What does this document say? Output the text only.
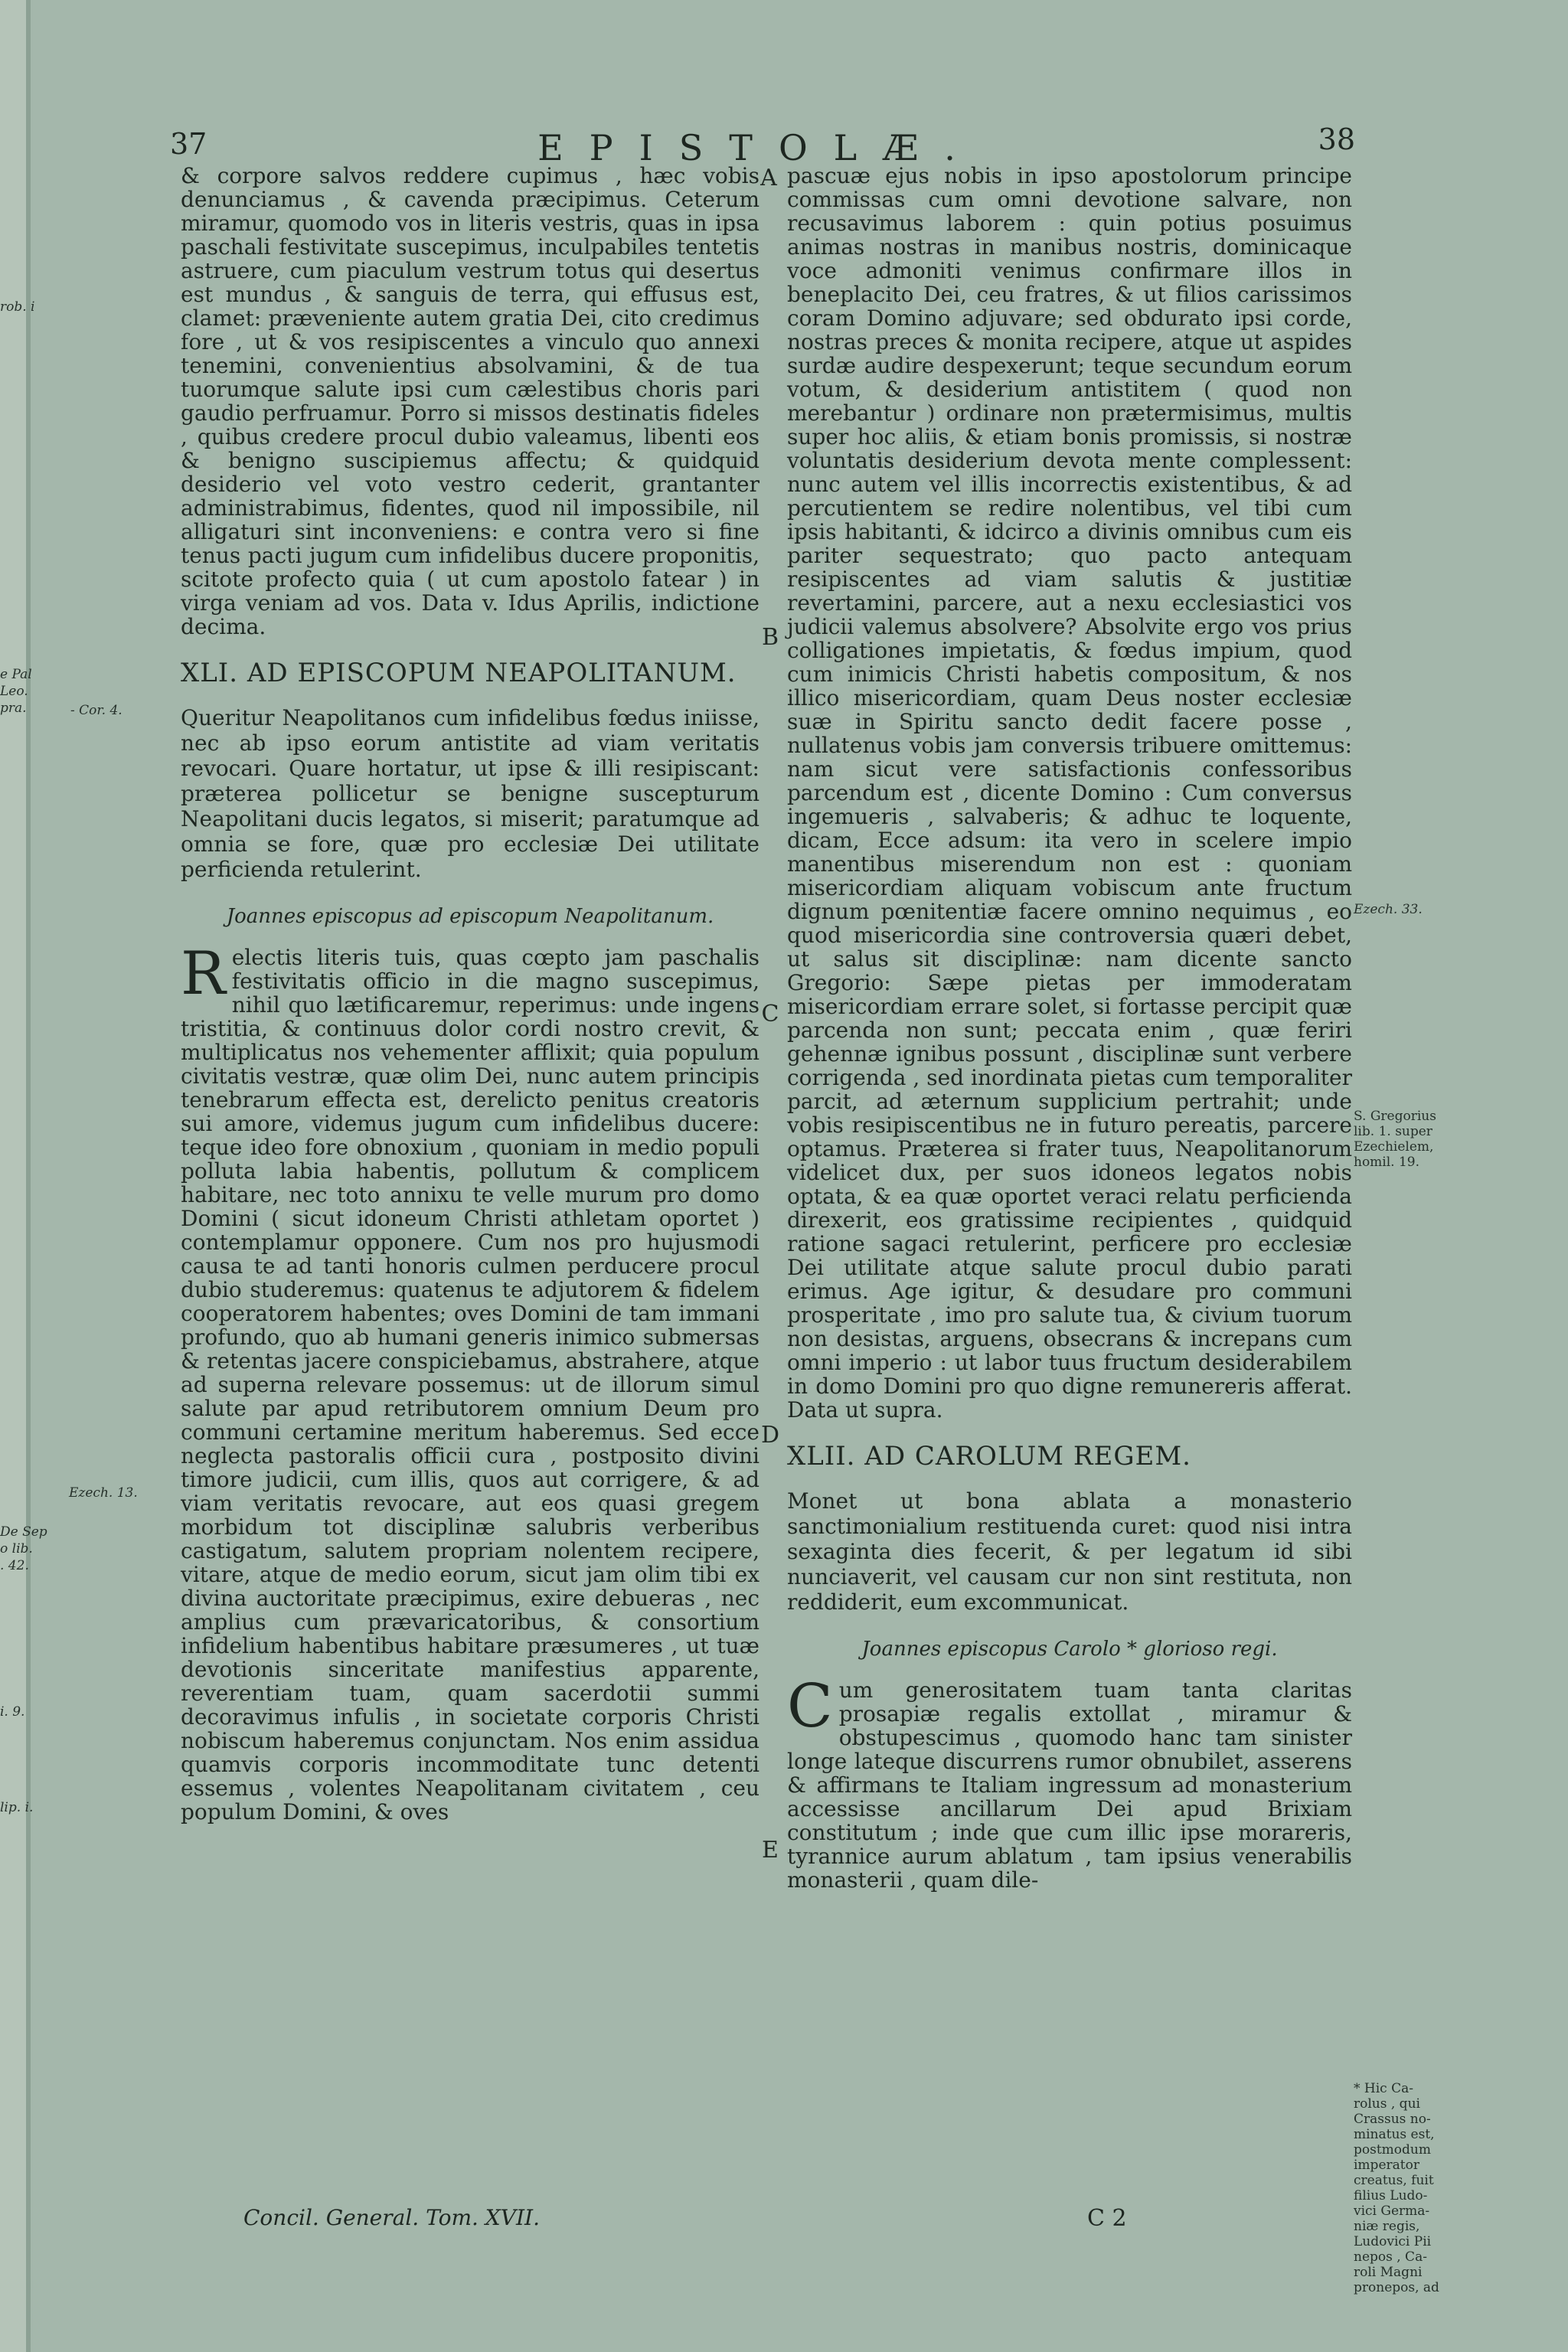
rob. i
e Pal
Leo.
pra.
De Sep
o lib.
. 42.
i. 9.
lip. i.
37	EPISTOLÆ.	38

& corpore salvos reddere cupimus , hæc vobis denunciamus , & cavenda præcipimus. Ceterum miramur, quomodo vos in literis vestris, quas in ipsa paschali festivitate suscepimus, inculpabiles tentetis astruere, cum piaculum vestrum totus qui desertus est mundus , & sanguis de terra, qui effusus est, clamet: præveniente autem gratia Dei, cito credimus fore , ut & vos resipiscentes a vinculo quo annexi tenemini, convenientius absolvamini, & de tua tuorumque salute ipsi cum cælestibus choris pari gaudio perfruamur. Porro si missos destinatis fideles , quibus credere procul dubio valeamus, libenti eos & benigno suscipiemus affectu; & quidquid desiderio vel voto vestro cederit, grantanter administrabimus, fidentes, quod nil impossibile, nil alligaturi sint inconveniens: e contra vero si fine tenus pacti jugum cum infidelibus ducere proponitis, scitote profecto quia ( ut cum apostolo fatear ) in virga veniam ad vos. Data v. Idus Aprilis, indictione decima.

XLI. AD EPISCOPUM NEAPOLITANUM.

Queritur Neapolitanos cum infidelibus fœdus iniisse, nec ab ipso eorum antistite ad viam veritatis revocari. Quare hortatur, ut ipse & illi resipiscant: præterea pollicetur se benigne suscepturum Neapolitani ducis legatos, si miserit; paratumque ad omnia se fore, quæ pro ecclesiæ Dei utilitate perficienda retulerint.

Joannes episcopus ad episcopum Neapolitanum.

Relectis literis tuis, quas cœpto jam paschalis festivitatis officio in die magno suscepimus, nihil quo lætificaremur, reperimus: unde ingens tristitia, & continuus dolor cordi nostro crevit, & multiplicatus nos vehementer afflixit; quia populum civitatis vestræ, quæ olim Dei, nunc autem principis tenebrarum effecta est, derelicto penitus creatoris sui amore, videmus jugum cum infidelibus ducere: teque ideo fore obnoxium , quoniam in medio populi polluta labia habentis, pollutum & complicem habitare, nec toto annixu te velle murum pro domo Domini ( sicut idoneum Christi athletam oportet ) contemplamur opponere. Cum nos pro hujusmodi causa te ad tanti honoris culmen perducere procul dubio studeremus: quatenus te adjutorem & fidelem cooperatorem habentes; oves Domini de tam immani profundo, quo ab humani generis inimico submersas & retentas jacere conspiciebamus, abstrahere, atque ad superna relevare possemus: ut de illorum simul salute par apud retributorem omnium Deum pro communi certamine meritum haberemus. Sed ecce neglecta pastoralis officii cura , postposito divini timore judicii, cum illis, quos aut corrigere, & ad viam veritatis revocare, aut eos quasi gregem morbidum tot disciplinæ salubris verberibus castigatum, salutem propriam nolentem recipere, vitare, atque de medio eorum, sicut jam olim tibi ex divina auctoritate præcipimus, exire debueras , nec amplius cum prævaricatoribus, & consortium infidelium habentibus habitare præsumeres , ut tuæ devotionis sinceritate manifestius apparente, reverentiam tuam, quam sacerdotii summi decoravimus infulis , in societate corporis Christi nobiscum haberemus conjunctam. Nos enim assidua quamvis corporis incommoditate tunc detenti essemus , volentes Neapolitanam civitatem , ceu populum Domini, & oves

pascuæ ejus nobis in ipso apostolorum principe commissas cum omni devotione salvare, non recusavimus laborem : quin potius posuimus animas nostras in manibus nostris, dominicaque voce admoniti venimus confirmare illos in beneplacito Dei, ceu fratres, & ut filios carissimos coram Domino adjuvare; sed obdurato ipsi corde, nostras preces & monita recipere, atque ut aspides surdæ audire despexerunt; teque secundum eorum votum, & desiderium antistitem ( quod non merebantur ) ordinare non prætermisimus, multis super hoc aliis, & etiam bonis promissis, si nostræ voluntatis desiderium devota mente complessent: nunc autem vel illis incorrectis existentibus, & ad percutientem se redire nolentibus, vel tibi cum ipsis habitanti, & idcirco a divinis omnibus cum eis pariter sequestrato; quo pacto antequam resipiscentes ad viam salutis & justitiæ revertamini, parcere, aut a nexu ecclesiastici vos judicii valemus absolvere? Absolvite ergo vos prius colligationes impietatis, & fœdus impium, quod cum inimicis Christi habetis compositum, & nos illico misericordiam, quam Deus noster ecclesiæ suæ in Spiritu sancto dedit facere posse , nullatenus vobis jam conversis tribuere omittemus: nam sicut vere satisfactionis confessoribus parcendum est , dicente Domino : Cum conversus ingemueris , salvaberis; & adhuc te loquente, dicam, Ecce adsum: ita vero in scelere impio manentibus miserendum non est : quoniam misericordiam aliquam vobiscum ante fructum dignum pœnitentiæ facere omnino nequimus , eo quod misericordia sine controversia quæri debet, ut salus sit disciplinæ: nam dicente sancto Gregorio: Sæpe pietas per immoderatam misericordiam errare solet, si fortasse percipit quæ parcenda non sunt; peccata enim , quæ feriri gehennæ ignibus possunt , disciplinæ sunt verbere corrigenda , sed inordinata pietas cum temporaliter parcit, ad æternum supplicium pertrahit; unde vobis resipiscentibus ne in futuro pereatis, parcere optamus. Præterea si frater tuus, Neapolitanorum videlicet dux, per suos idoneos legatos nobis optata, & ea quæ oportet veraci relatu perficienda direxerit, eos gratissime recipientes , quidquid ratione sagaci retulerint, perficere pro ecclesiæ Dei utilitate atque salute procul dubio parati erimus. Age igitur, & desudare pro communi prosperitate , imo pro salute tua, & civium tuorum non desistas, arguens, obsecrans & increpans cum omni imperio : ut labor tuus fructum desiderabilem in domo Domini pro quo digne remunereris afferat. Data ut supra.

XLII. AD CAROLUM REGEM.

Monet ut bona ablata a monasterio sanctimonialium restituenda curet: quod nisi intra sexaginta dies fecerit, & per legatum id sibi nunciaverit, vel causam cur non sint restituta, non reddiderit, eum excommunicat.

Joannes episcopus Carolo * glorioso regi.

Cum generositatem tuam tanta claritas prosapiæ regalis extollat , miramur & obstupescimus , quomodo hanc tam sinister longe lateque discurrens rumor obnubilet, asserens & affirmans te Italiam ingressum ad monasterium accessisse ancillarum Dei apud Brixiam constitutum ; inde que cum illic ipse morareris, tyrannice aurum ablatum , tam ipsius venerabilis monasterii , quam dile-

A
B
C
D
E
- Cor. 4.
Ezech. 13.
Ezech. 33.
S. Gregorius
lib. 1. super
Ezechielem,
homil. 19.
* Hic Ca-
rolus , qui
Crassus no-
minatus est,
postmodum
imperator
creatus, fuit
filius Ludo-
vici Germa-
niæ regis,
Ludovici Pii
nepos , Ca-
roli Magni
pronepos, ad
Concil. General. Tom. XVII.	C 2
